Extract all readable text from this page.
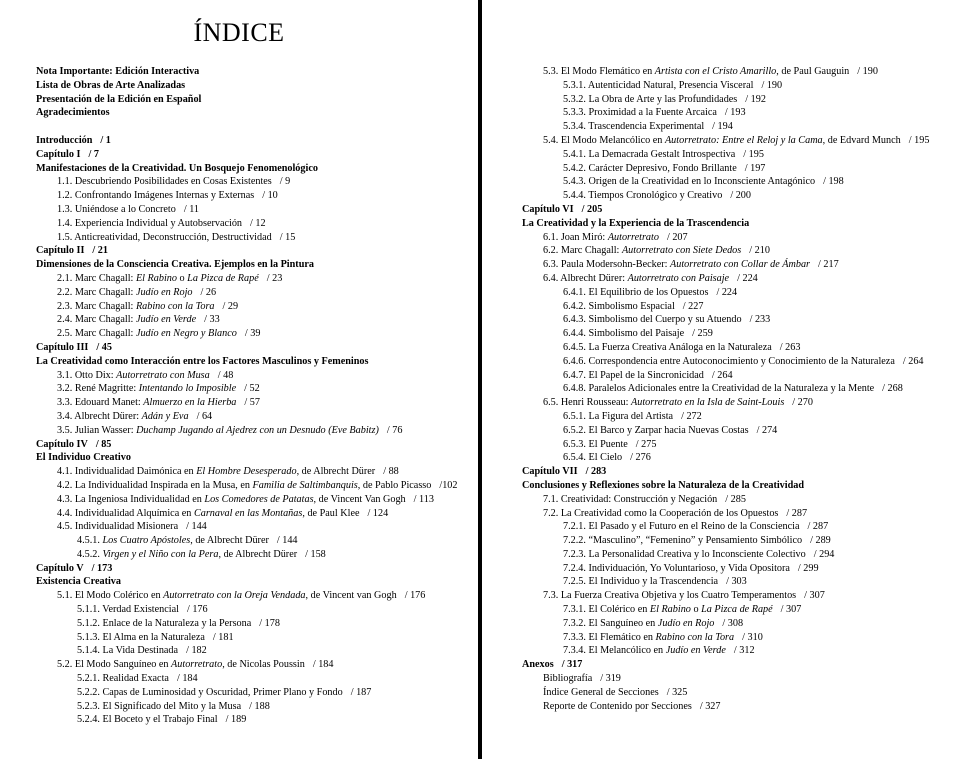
ÍNDICE
Nota Importante: Edición Interactiva
Lista de Obras de Arte Analizadas
Presentación de la Edición en Español
Agradecimientos
Introducción / 1
Capítulo I / 7
Manifestaciones de la Creatividad. Un Bosquejo Fenomenológico
1.1. Descubriendo Posibilidades en Cosas Existentes / 9
1.2. Confrontando Imágenes Internas y Externas / 10
1.3. Uniéndose a lo Concreto / 11
1.4. Experiencia Individual y Autobservación / 12
1.5. Anticreatividad, Deconstrucción, Destructividad / 15
Capítulo II / 21
Dimensiones de la Consciencia Creativa. Ejemplos en la Pintura
2.1. Marc Chagall: El Rabino o La Pizca de Rapé / 23
2.2. Marc Chagall: Judío en Rojo / 26
2.3. Marc Chagall: Rabino con la Tora / 29
2.4. Marc Chagall: Judío en Verde / 33
2.5. Marc Chagall: Judío en Negro y Blanco / 39
Capítulo III / 45
La Creatividad como Interacción entre los Factores Masculinos y Femeninos
3.1. Otto Dix: Autorretrato con Musa / 48
3.2. René Magritte: Intentando lo Imposible / 52
3.3. Edouard Manet: Almuerzo en la Hierba / 57
3.4. Albrecht Dürer: Adán y Eva / 64
3.5. Julian Wasser: Duchamp Jugando al Ajedrez con un Desnudo (Eve Babitz) / 76
Capítulo IV / 85
El Individuo Creativo
4.1. Individualidad Daimónica en El Hombre Desesperado, de Albrecht Dürer / 88
4.2. La Individualidad Inspirada en la Musa, en Familia de Saltimbanquis, de Pablo Picasso /102
4.3. La Ingeniosa Individualidad en Los Comedores de Patatas, de Vincent Van Gogh / 113
4.4. Individualidad Alquímica en Carnaval en las Montañas, de Paul Klee / 124
4.5. Individualidad Misionera / 144
4.5.1. Los Cuatro Apóstoles, de Albrecht Dürer / 144
4.5.2. Virgen y el Niño con la Pera, de Albrecht Dürer / 158
Capítulo V / 173
Existencia Creativa
5.1. El Modo Colérico en Autorretrato con la Oreja Vendada, de Vincent van Gogh / 176
5.1.1. Verdad Existencial / 176
5.1.2. Enlace de la Naturaleza y la Persona / 178
5.1.3. El Alma en la Naturaleza / 181
5.1.4. La Vida Destinada / 182
5.2. El Modo Sanguíneo en Autorretrato, de Nicolas Poussin / 184
5.2.1. Realidad Exacta / 184
5.2.2. Capas de Luminosidad y Oscuridad, Primer Plano y Fondo / 187
5.2.3. El Significado del Mito y la Musa / 188
5.2.4. El Boceto y el Trabajo Final / 189
5.3. El Modo Flemático en Artista con el Cristo Amarillo, de Paul Gauguin / 190
5.3.1. Autenticidad Natural, Presencia Visceral / 190
5.3.2. La Obra de Arte y las Profundidades / 192
5.3.3. Proximidad a la Fuente Arcaica / 193
5.3.4. Trascendencia Experimental / 194
5.4. El Modo Melancólico en Autorretrato: Entre el Reloj y la Cama, de Edvard Munch / 195
5.4.1. La Demacrada Gestalt Introspectiva / 195
5.4.2. Carácter Depresivo, Fondo Brillante / 197
5.4.3. Origen de la Creatividad en lo Inconsciente Antagónico / 198
5.4.4. Tiempos Cronológico y Creativo / 200
Capítulo VI / 205
La Creatividad y la Experiencia de la Trascendencia
6.1. Joan Miró: Autorretrato / 207
6.2. Marc Chagall: Autorretrato con Siete Dedos / 210
6.3. Paula Modersohn-Becker: Autorretrato con Collar de Ámbar / 217
6.4. Albrecht Dürer: Autorretrato con Paisaje / 224
6.4.1. El Equilibrio de los Opuestos / 224
6.4.2. Simbolismo Espacial / 227
6.4.3. Simbolismo del Cuerpo y su Atuendo / 233
6.4.4. Simbolismo del Paisaje / 259
6.4.5. La Fuerza Creativa Análoga en la Naturaleza / 263
6.4.6. Correspondencia entre Autoconocimiento y Conocimiento de la Naturaleza / 264
6.4.7. El Papel de la Sincronicidad / 264
6.4.8. Paralelos Adicionales entre la Creatividad de la Naturaleza y la Mente / 268
6.5. Henri Rousseau: Autorretrato en la Isla de Saint-Louis / 270
6.5.1. La Figura del Artista / 272
6.5.2. El Barco y Zarpar hacia Nuevas Costas / 274
6.5.3. El Puente / 275
6.5.4. El Cielo / 276
Capítulo VII / 283
Conclusiones y Reflexiones sobre la Naturaleza de la Creatividad
7.1. Creatividad: Construcción y Negación / 285
7.2. La Creatividad como la Cooperación de los Opuestos / 287
7.2.1. El Pasado y el Futuro en el Reino de la Consciencia / 287
7.2.2. “Masculino”, “Femenino” y Pensamiento Simbólico / 289
7.2.3. La Personalidad Creativa y lo Inconsciente Colectivo / 294
7.2.4. Individuación, Yo Voluntarioso, y Vida Opositora / 299
7.2.5. El Individuo y la Trascendencia / 303
7.3. La Fuerza Creativa Objetiva y los Cuatro Temperamentos / 307
7.3.1. El Colérico en El Rabino o La Pizca de Rapé / 307
7.3.2. El Sanguíneo en Judío en Rojo / 308
7.3.3. El Flemático en Rabino con la Tora / 310
7.3.4. El Melancólico en Judío en Verde / 312
Anexos / 317
Bibliografía / 319
Índice General de Secciones / 325
Reporte de Contenido por Secciones / 327
